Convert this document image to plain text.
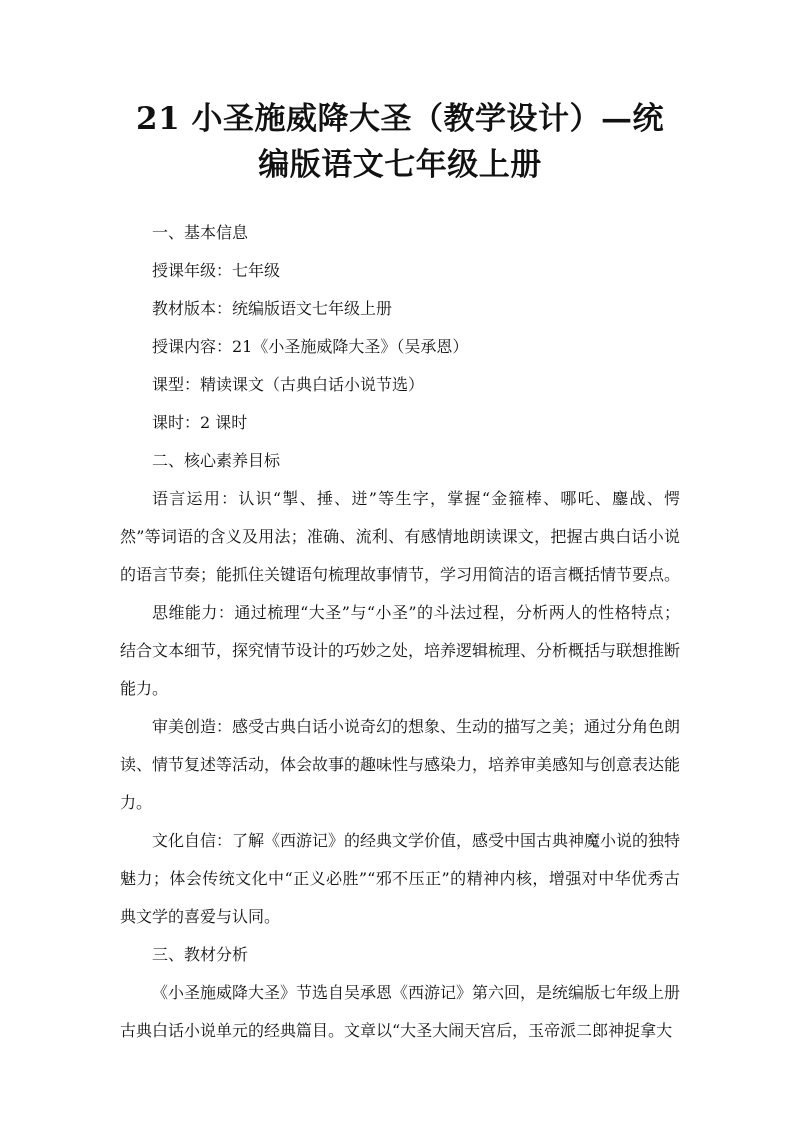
21 小圣施威降大圣（教学设计）—统
编版语文七年级上册

一、基本信息

授课年级：七年级

教材版本：统编版语文七年级上册

授课内容：21《小圣施威降大圣》（吴承恩）

课型：精读课文（古典白话小说节选）

课时：2 课时

二、核心素养目标

语言运用：认识“掣、捶、迸”等生字，掌握“金箍棒、哪吒、鏖战、愕然”等词语的含义及用法；准确、流利、有感情地朗读课文，把握古典白话小说的语言节奏；能抓住关键语句梳理故事情节，学习用简洁的语言概括情节要点。

思维能力：通过梳理“大圣”与“小圣”的斗法过程，分析两人的性格特点；结合文本细节，探究情节设计的巧妙之处，培养逻辑梳理、分析概括与联想推断能力。

审美创造：感受古典白话小说奇幻的想象、生动的描写之美；通过分角色朗读、情节复述等活动，体会故事的趣味性与感染力，培养审美感知与创意表达能力。

文化自信：了解《西游记》的经典文学价值，感受中国古典神魔小说的独特魅力；体会传统文化中“正义必胜”“邪不压正”的精神内核，增强对中华优秀古典文学的喜爱与认同。

三、教材分析

《小圣施威降大圣》节选自吴承恩《西游记》第六回，是统编版七年级上册古典白话小说单元的经典篇目。文章以“大圣大闹天宫后，玉帝派二郎神捉拿大
